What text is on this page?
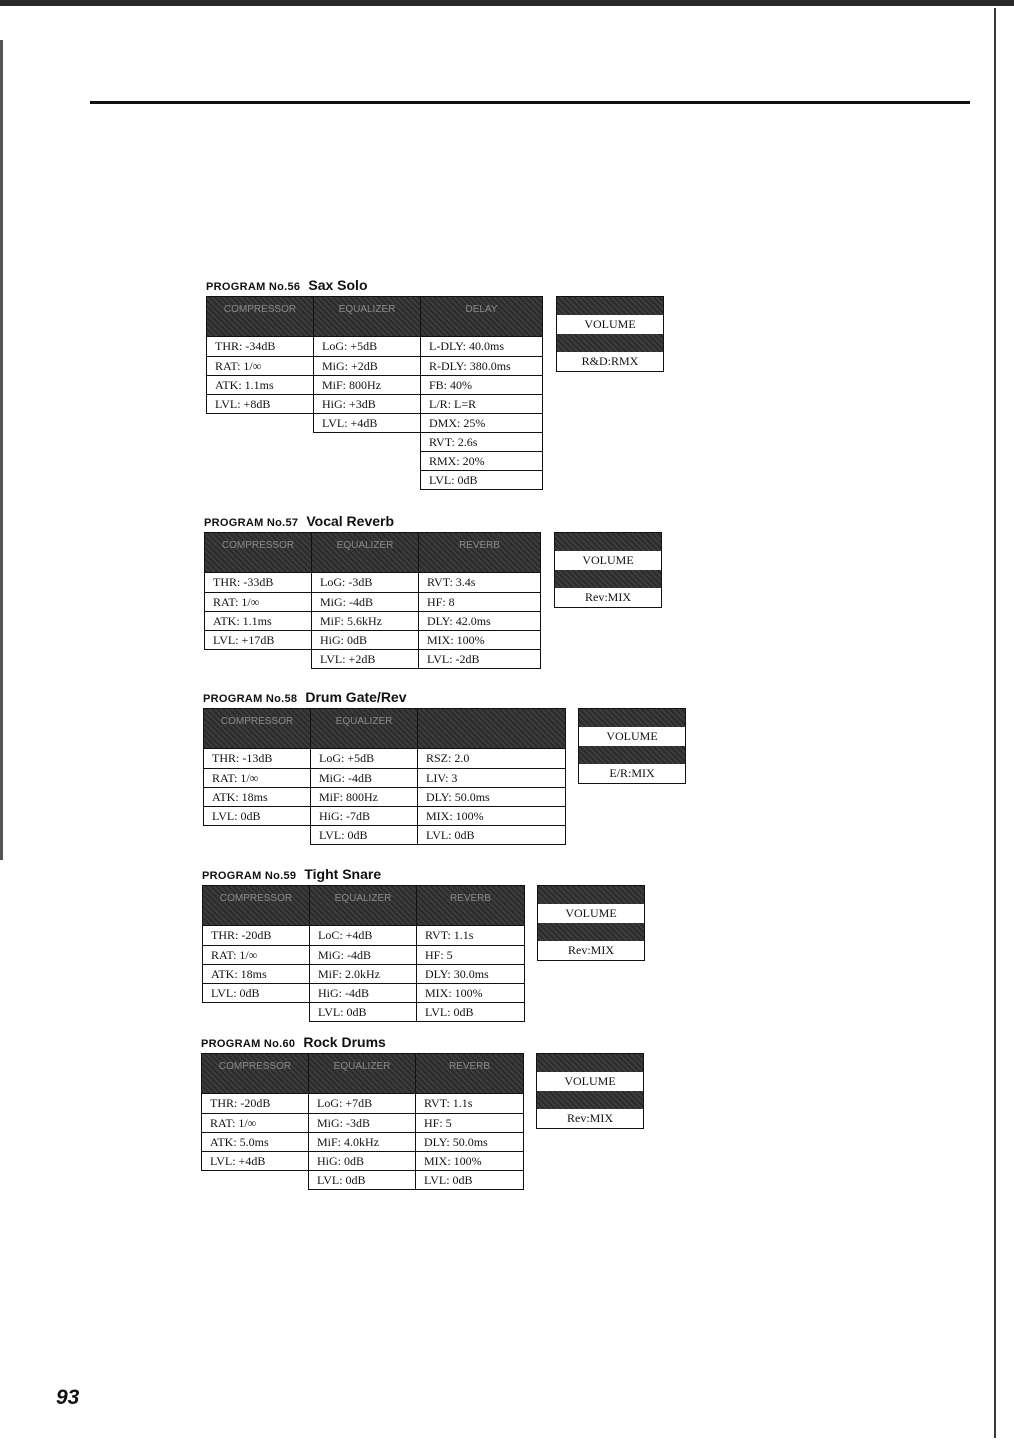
PROGRAM No.56 Sax Solo
COMPRESSOR
THR: -34dB
RAT: 1/∞
ATK: 1.1ms
LVL: +8dB
EQUALIZER
LoG: +5dB
MiG: +2dB
MiF: 800Hz
HiG: +3dB
LVL: +4dB
DELAY
L-DLY: 40.0ms
R-DLY: 380.0ms
FB: 40%
L/R: L=R
DMX: 25%
RVT: 2.6s
RMX: 20%
LVL: 0dB
VOLUME
R&D:RMX
PROGRAM No.57 Vocal Reverb
COMPRESSOR
THR: -33dB
RAT: 1/∞
ATK: 1.1ms
LVL: +17dB
EQUALIZER
LoG: -3dB
MiG: -4dB
MiF: 5.6kHz
HiG: 0dB
LVL: +2dB
REVERB
RVT: 3.4s
HF: 8
DLY: 42.0ms
MIX: 100%
LVL: -2dB
VOLUME
Rev:MIX
PROGRAM No.58 Drum Gate/Rev
COMPRESSOR
THR: -13dB
RAT: 1/∞
ATK: 18ms
LVL: 0dB
EQUALIZER
LoG: +5dB
MiG: -4dB
MiF: 800Hz
HiG: -7dB
LVL: 0dB
RSZ: 2.0
LIV: 3
DLY: 50.0ms
MIX: 100%
LVL: 0dB
VOLUME
E/R:MIX
PROGRAM No.59 Tight Snare
COMPRESSOR
THR: -20dB
RAT: 1/∞
ATK: 18ms
LVL: 0dB
EQUALIZER
LoC: +4dB
MiG: -4dB
MiF: 2.0kHz
HiG: -4dB
LVL: 0dB
REVERB
RVT: 1.1s
HF: 5
DLY: 30.0ms
MIX: 100%
LVL: 0dB
VOLUME
Rev:MIX
PROGRAM No.60 Rock Drums
COMPRESSOR
THR: -20dB
RAT: 1/∞
ATK: 5.0ms
LVL: +4dB
EQUALIZER
LoG: +7dB
MiG: -3dB
MiF: 4.0kHz
HiG: 0dB
LVL: 0dB
REVERB
RVT: 1.1s
HF: 5
DLY: 50.0ms
MIX: 100%
LVL: 0dB
VOLUME
Rev:MIX
93
